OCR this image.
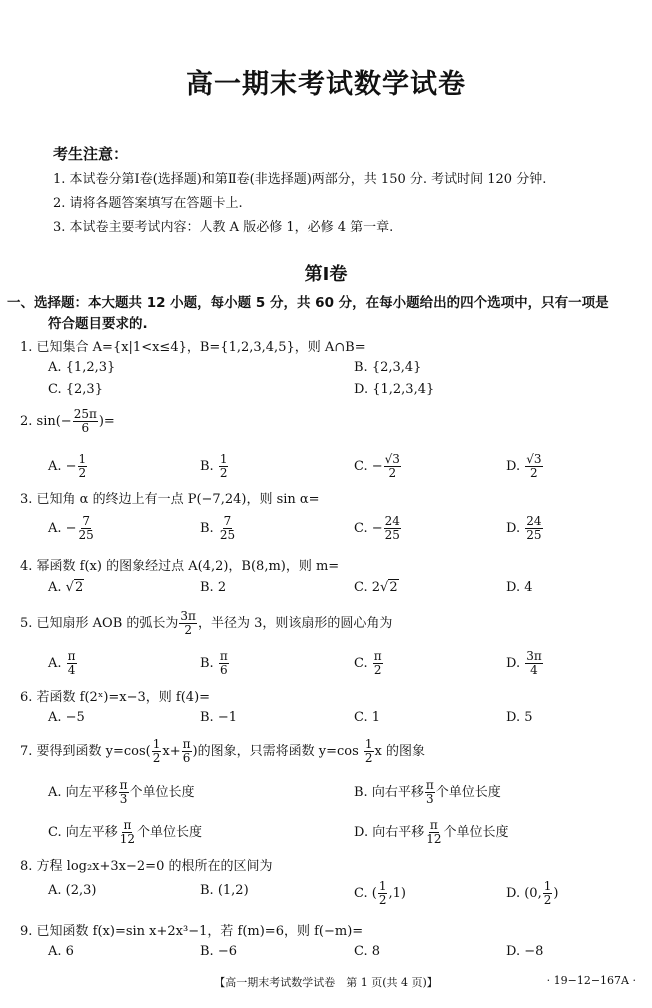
高一期末考试数学试卷
考生注意：
1. 本试卷分第Ⅰ卷(选择题)和第Ⅱ卷(非选择题)两部分，共 150 分. 考试时间 120 分钟.
2. 请将各题答案填写在答题卡上.
3. 本试卷主要考试内容：人教 A 版必修 1，必修 4 第一章.
第Ⅰ卷
一、选择题：本大题共 12 小题，每小题 5 分，共 60 分，在每小题给出的四个选项中，只有一项是
符合题目要求的.
1. 已知集合 A={x|1<x≤4}，B={1,2,3,4,5}，则 A∩B=
A. {1,2,3}	B. {2,3,4}
C. {2,3}	D. {1,2,3,4}
2. $\sin(- \frac{25\pi}{6}$ )=
A. − $\frac{1}{2}$	B. $\frac{1}{2}$	C. − $\frac{√3}{2}$	D. $\frac{√3}{2}$
3. 已知角 α 的终边上有一点 P(−7,24)，则 sin α=
A. − $\frac{7}{25}$	B. $\frac{7}{25}$	C. − $\frac{24}{25}$	D. $\frac{24}{25}$
4. 幂函数 f(x) 的图象经过点 A(4,2)，B(8,m)，则 m=
A. √2	B. 2	C. 2√2	D. 4
5. 已知扇形 AOB 的弧长为 $\frac{3\pi}{2}$ ，半径为 3，则该扇形的圆心角为
A. $\frac{\pi}{4}$	B. $\frac{\pi}{6}$	C. $\frac{\pi}{2}$	D. $\frac{3\pi}{4}$
6. 若函数 f(2ˣ)=x−3，则 f(4)=
A. −5	B. −1	C. 1	D. 5
7. 要得到函数 $y=\cos( \frac{1}{2} x+ \frac{\pi}{6}$ )的图象，只需将函数 $y=\cos \frac{1}{2}$ x 的图象
A. 向左平移 $\frac{\pi}{3}$ 个单位长度	B. 向右平移 $\frac{\pi}{3}$ 个单位长度
C. 向左平移 $\frac{\pi}{12}$ 个单位长度	D. 向右平移 $\frac{\pi}{12}$ 个单位长度
8. 方程 log₂x+3x−2=0 的根所在的区间为
A. (2,3)	B. (1,2)	C. ( $\frac{1}{2} ,1$)	D. (0, $\frac{1}{2}$ )
9. 已知函数 f(x)=sin x+2x³−1，若 f(m)=6，则 f(−m)=
A. 6	B. −6	C. 8	D. −8
【高一期末考试数学试卷　第 1 页(共 4 页)】	· 19−12−167A ·
